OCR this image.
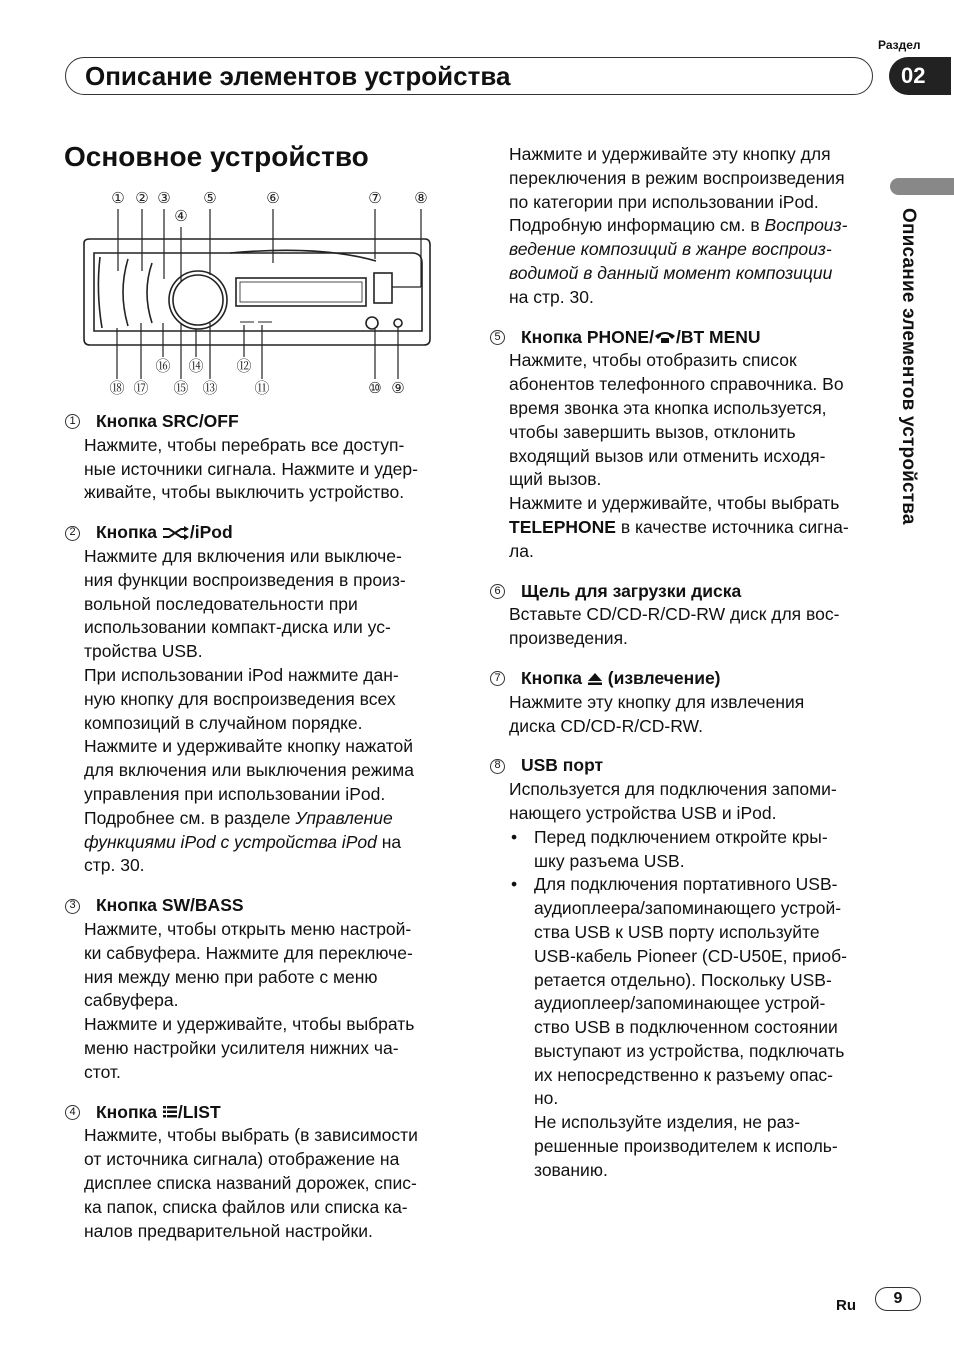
Раздел
Описание элементов устройства	02
Описание элементов устройства
Основное устройство
① ② ③
④
⑤	⑥	⑦ ⑧
⑱ ⑰
⑯
⑮
⑭
⑬
⑫
⑪	⑩ ⑨
1 Кнопка SRC/OFF

Нажмите, чтобы перебрать все доступ-

ные источники сигнала. Нажмите и удер-

живайте, чтобы выключить устройство.

2 Кнопка /iPod

Нажмите для включения или выключе-

ния функции воспроизведения в произ-

вольной последовательности при

использовании компакт-диска или ус-

тройства USB.

При использовании iPod нажмите дан-

ную кнопку для воспроизведения всех

композиций в случайном порядке.

Нажмите и удерживайте кнопку нажатой

для включения или выключения режима

управления при использовании iPod.

Подробнее см. в разделе Управление

функциями iPod с устройства iPod на

стр. 30.

3 Кнопка SW/BASS

Нажмите, чтобы открыть меню настрой-

ки сабвуфера. Нажмите для переключе-

ния между меню при работе с меню

сабвуфера.

Нажмите и удерживайте, чтобы выбрать

меню настройки усилителя нижних ча-

стот.

4 Кнопка /LIST

Нажмите, чтобы выбрать (в зависимости

от источника сигнала) отображение на

дисплее списка названий дорожек, спис-

ка папок, списка файлов или списка ка-

налов предварительной настройки.

Нажмите и удерживайте эту кнопку для

переключения в режим воспроизведения

по категории при использовании iPod.

Подробную информацию см. в Воспроиз-

ведение композиций в жанре воспроиз-

водимой в данный момент композиции

на стр. 30.

5 Кнопка PHONE/ /BT MENU

Нажмите, чтобы отобразить список

абонентов телефонного справочника. Во

время звонка эта кнопка используется,

чтобы завершить вызов, отклонить

входящий вызов или отменить исходя-

щий вызов.

Нажмите и удерживайте, чтобы выбрать

TELEPHONE в качестве источника сигна-

ла.

6 Щель для загрузки диска

Вставьте CD/CD-R/CD-RW диск для вос-

произведения.

7 Кнопка (извлечение)

Нажмите эту кнопку для извлечения

диска CD/CD-R/CD-RW.

8 USB порт

Используется для подключения запоми-

нающего устройства USB и iPod.

• Перед подключением откройте кры-

шку разъема USB.

• Для подключения портативного USB-

аудиоплеера/запоминающего устрой-

ства USB к USB порту используйте

USB-кабель Pioneer (CD-U50E, приоб-

ретается отдельно). Поскольку USB-

аудиоплеер/запоминающее устрой-

ство USB в подключенном состоянии

выступают из устройства, подключать

их непосредственно к разъему опас-

но.

Не используйте изделия, не раз-

решенные производителем к исполь-

зованию.

Ru 9
